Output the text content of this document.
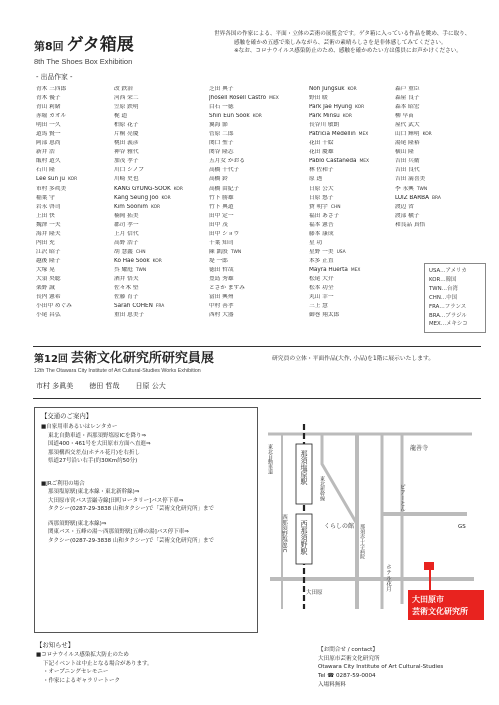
第8回 ゲタ箱展
8th The Shoes Box Exhibition
世界各国の作家による、平面・立体の芸術の展覧会です。ゲタ箱に入っている作品を眺め、手に取り、
感触を確かめ五感で楽しみながら、芸術の素晴らしさを是非体感してみてください。
※なお、コロナウイルス感染防止のため、感触を確かめたい方は係員にお声かけください。
- 出品作家 -
青木 三四郎
青木 優子
青山 莉緒
赤堀 カオル
明田 一久
道馬 賢一
阿部 恵尚
新井 浩
飯村 道久
石川 隆
Lee sun ju KOR
市村 多眞美
稲葉 守
岩永 啓司
上田 快
魏澤 一夫
海井 隆夫
内田 充
江沢 昭子
越後 隆子
大塚 晃
大須 央聡
楽野 誠
長内 憲希
小田中 めぐみ
小尾 昌弘
改 鉄治
河西 栄二
笠原 鉄明
梶 道
柏原 花子
片桐 亮慶
桃田 義彦
神谷 雅代
加茂 孝子
川口 シノブ
川崎 史也
KANG GYUNG-SOOK KOR
Kang Seung Joo KOR
Kim Soonim KOR
楠岡 拓美
郡司 孝一
上月 信代
高野 浩子
胡 慧鑫 CHN
Ko Hae Sook KOR
呉 耀庭 TWN
酒井 悟夫
佐々木 堅
佐藤 育子
Sarah COHEN FRA
重田 恵美子
芝田 典子
Jhosell Rosell Castro MEX
白石 一徳
Shin Eun Sook KOR
翼海 節
菅原 二郎
関口 聖子
関谷 隆志
五月女 かおる
高橋 千代子
高橋 鈴
高橋 由紀子
竹下 勝雄
竹下 典道
田中 定一
田中 茂
田中 ショウ
千葉 知司
陳 凱股 TWN
堤 一郎
徳田 哲哉
豊島 秀雄
とさか ますみ
富田 興州
中村 善孝
西村 大器
Noh Jungsuk KOR
野田 暖
Park Jae Hyung KOR
Park Minsu KOR
長谷川 敏朗
Patricia Medellin MEX
花田 千絵
花田 慶雄
Pablo Castañeda MEX
林 佐和子
原 透
日原 公大
日原 悠子
費 明宇 CHN
福田 あさ子
福本 憲吾
藤本 康成
星 功
星野 一美 USA
本多 正直
Mayra Huerta MEX
松尾 大介
松本 功全
丸山 幸一
三上 慧
御巻 翔太郎
森戸 重臣
森屋 良子
森本 昭宏
柳 早苗
屋代 武大
山口 輝明 KOR
湯尾 隆裕
横山 隆
吉田 兵衛
吉田 良代
吉田 満喜美
李 永興 TWN
LUIZ BARBA BRA
渡辺 省
渡部 槇子
和良品 真悟
USA…アメリカ
KOR…韓国
TWN…台湾
CHN…中国
FRA…フランス
BRA…ブラジル
MEX…メキシコ
第12回 芸術文化研究所研究員展
12th The Otawara City Institute of Art Cultural-Studies Works Exhibition
研究員の立体・平面作品(大作, 小品)を1階に展示いたします。
市村 多眞美 徳田 哲哉 日原 公大
【交通のご案内】
■自家用車あるいはレンタカー
東北自動車道・西那須野塩原ICを降り⇒
国道400・461号を大田原市方面へ直進⇒
那須構西交差点(ホテル花月)を右折し
県道27号沿い右手(約30Km約50分)
■JRご利用の場合
那須塩原駅(東北本線・東北新幹線)⇒
大田原市営バス雲巌寺線[田町ロータリー]バス停下車⇒
タクシー(0287-29-3838 山和タクシー)で「芸術文化研究所」まで
西那須野駅(東北本線)⇒
関東バス・五峰の湯〜西那須野駅[五峰の湯]バス停下車⇒
タクシー(0287-29-3838 山和タクシー)で「芸術文化研究所」まで
【お知らせ】
■コロナウイルス感染拡大防止のため
下記イベントは中止となる場合があります。
・オープニングセレモニー
・作家によるギャラリートーク
那須塩原駅
西那須野駅
西那須野塩原IC
東北自動車道
東北新幹線
大田原
くらしの館
龍善寺
ピアーとん
ホテル花月
那須赤十字病院	GS
大田原市
芸術文化研究所
【お問合せ / contact】
大田原市芸術文化研究所
Otawara City Institute of Art Cultural-Studies
Tel ☎ 0287-59-0004
入場料無料
